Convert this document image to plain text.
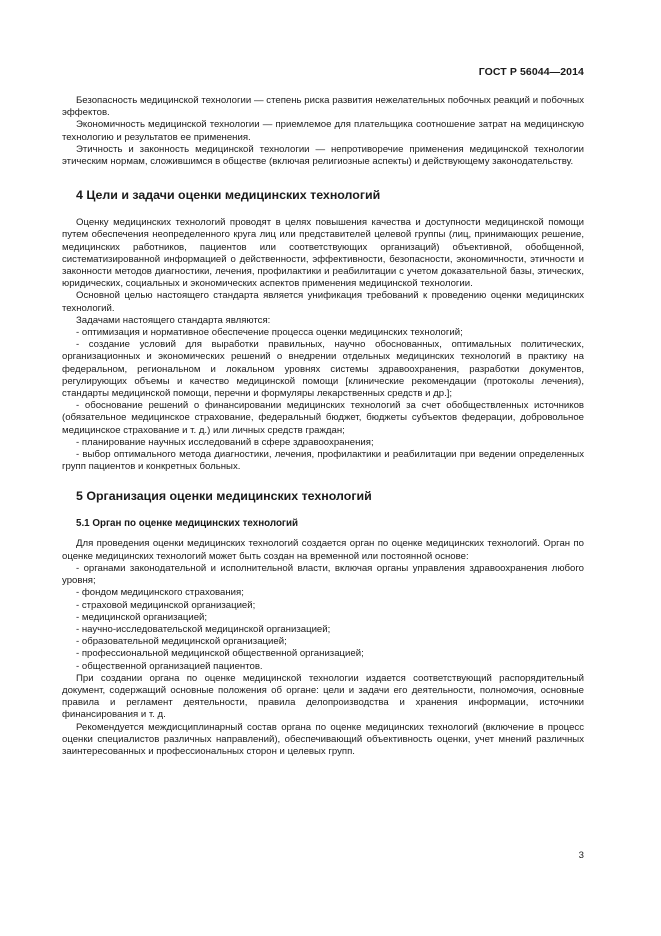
ГОСТ Р 56044—2014

Безопасность медицинской технологии — степень риска развития нежелательных побочных реакций и побочных эффектов.

Экономичность медицинской технологии — приемлемое для плательщика соотношение затрат на медицинскую технологию и результатов ее применения.

Этичность и законность медицинской технологии — непротиворечие применения медицинской технологии этическим нормам, сложившимся в обществе (включая религиозные аспекты) и действующему законодательству.

4 Цели и задачи оценки медицинских технологий

Оценку медицинских технологий проводят в целях повышения качества и доступности медицинской помощи путем обеспечения неопределенного круга лиц или представителей целевой группы (лиц, принимающих решение, медицинских работников, пациентов или соответствующих организаций) объективной, обобщенной, систематизированной информацией о действенности, эффективности, безопасности, экономичности, этичности и законности методов диагностики, лечения, профилактики и реабилитации с учетом доказательной базы, этических, юридических, социальных и экономических аспектов применения медицинской технологии.

Основной целью настоящего стандарта является унификация требований к проведению оценки медицинских технологий.

Задачами настоящего стандарта являются:

- оптимизация и нормативное обеспечение процесса оценки медицинских технологий;

- создание условий для выработки правильных, научно обоснованных, оптимальных политических, организационных и экономических решений о внедрении отдельных медицинских технологий в практику на федеральном, региональном и локальном уровнях системы здравоохранения, разработки документов, регулирующих объемы и качество медицинской помощи [клинические рекомендации (протоколы лечения), стандарты медицинской помощи, перечни и формуляры лекарственных средств и др.];

- обоснование решений о финансировании медицинских технологий за счет обобществленных источников (обязательное медицинское страхование, федеральный бюджет, бюджеты субъектов федерации, добровольное медицинское страхование и т. д.) или личных средств граждан;

- планирование научных исследований в сфере здравоохранения;

- выбор оптимального метода диагностики, лечения, профилактики и реабилитации при ведении определенных групп пациентов и конкретных больных.

5 Организация оценки медицинских технологий
5.1 Орган по оценке медицинских технологий

Для проведения оценки медицинских технологий создается орган по оценке медицинских технологий. Орган по оценке медицинских технологий может быть создан на временной или постоянной основе:

- органами законодательной и исполнительной власти, включая органы управления здравоохранения любого уровня;

- фондом медицинского страхования;

- страховой медицинской организацией;

- медицинской организацией;

- научно-исследовательской медицинской организацией;

- образовательной медицинской организацией;

- профессиональной медицинской общественной организацией;

- общественной организацией пациентов.

При создании органа по оценке медицинской технологии издается соответствующий распорядительный документ, содержащий основные положения об органе: цели и задачи его деятельности, полномочия, основные правила и регламент деятельности, правила делопроизводства и хранения информации, источники финансирования и т. д.

Рекомендуется междисциплинарный состав органа по оценке медицинских технологий (включение в процесс оценки специалистов различных направлений), обеспечивающий объективность оценки, учет мнений различных заинтересованных и профессиональных сторон и целевых групп.

3
